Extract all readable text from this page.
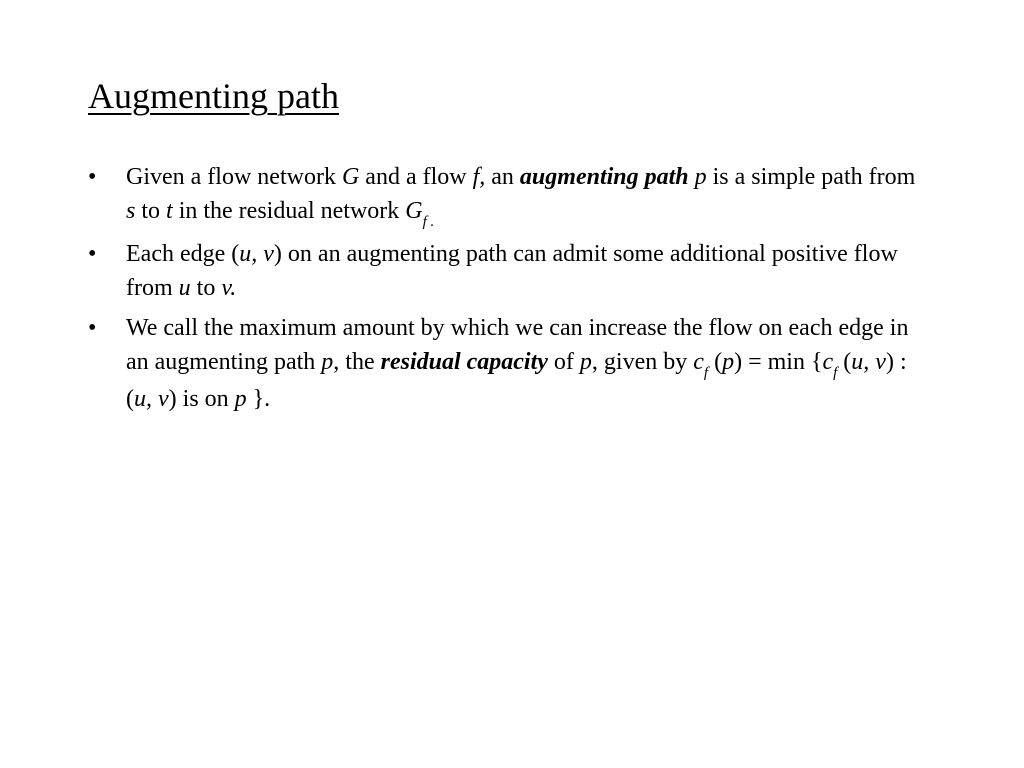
Augmenting path
•	Given a flow network G and a flow f, an augmenting path p is a simple path from s to t in the residual network $G_{f .}$
•	Each edge (u, v) on an augmenting path can admit some additional positive flow from u to v.
•	We call the maximum amount by which we can increase the flow on each edge in an augmenting path p, the residual capacity of p, given by $c_f$ $(p) = \min \{c_f$ (u, v) : (u, v) is on p }.
